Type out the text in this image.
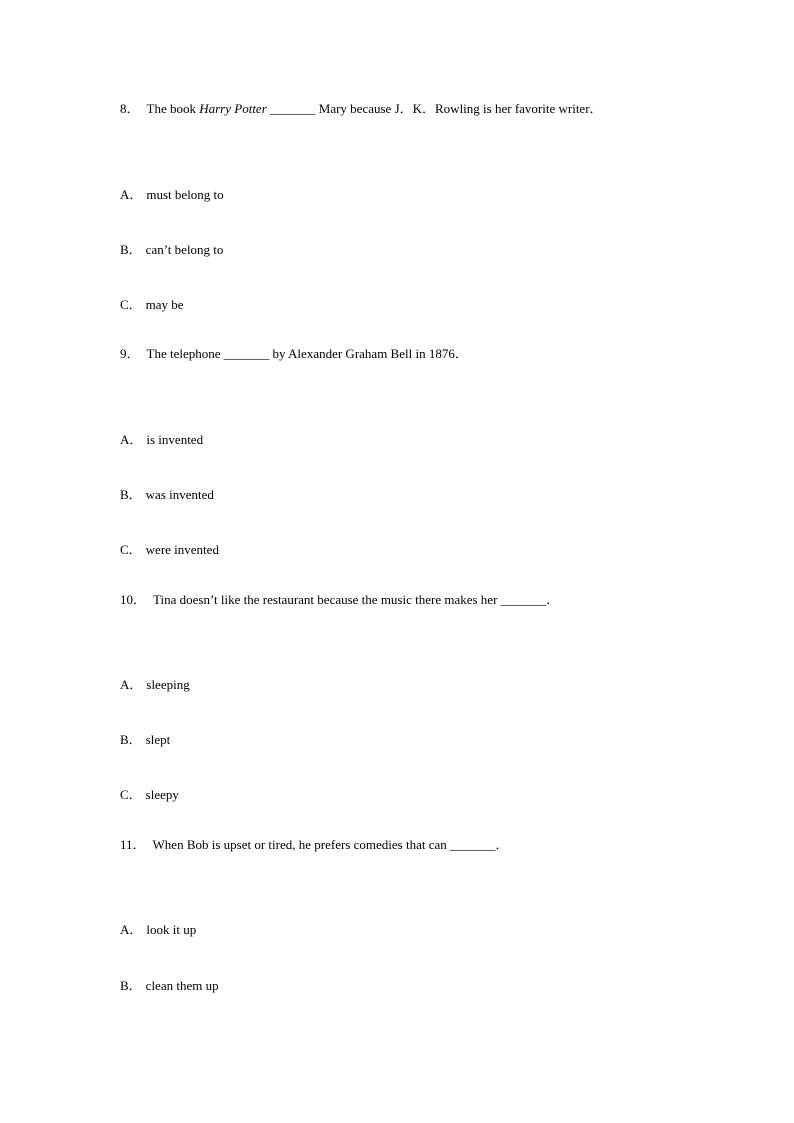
8． The book Harry Potter _______ Mary because J．K．Rowling is her favorite writer．
A． must belong to
B． can’t belong to
C． may be
9． The telephone _______ by Alexander Graham Bell in 1876．
A． is invented
B． was invented
C． were invented
10． Tina doesn’t like the restaurant because the music there makes her _______．
A． sleeping
B． slept
C． sleepy
11． When Bob is upset or tired, he prefers comedies that can _______．
A． look it up
B． clean them up
